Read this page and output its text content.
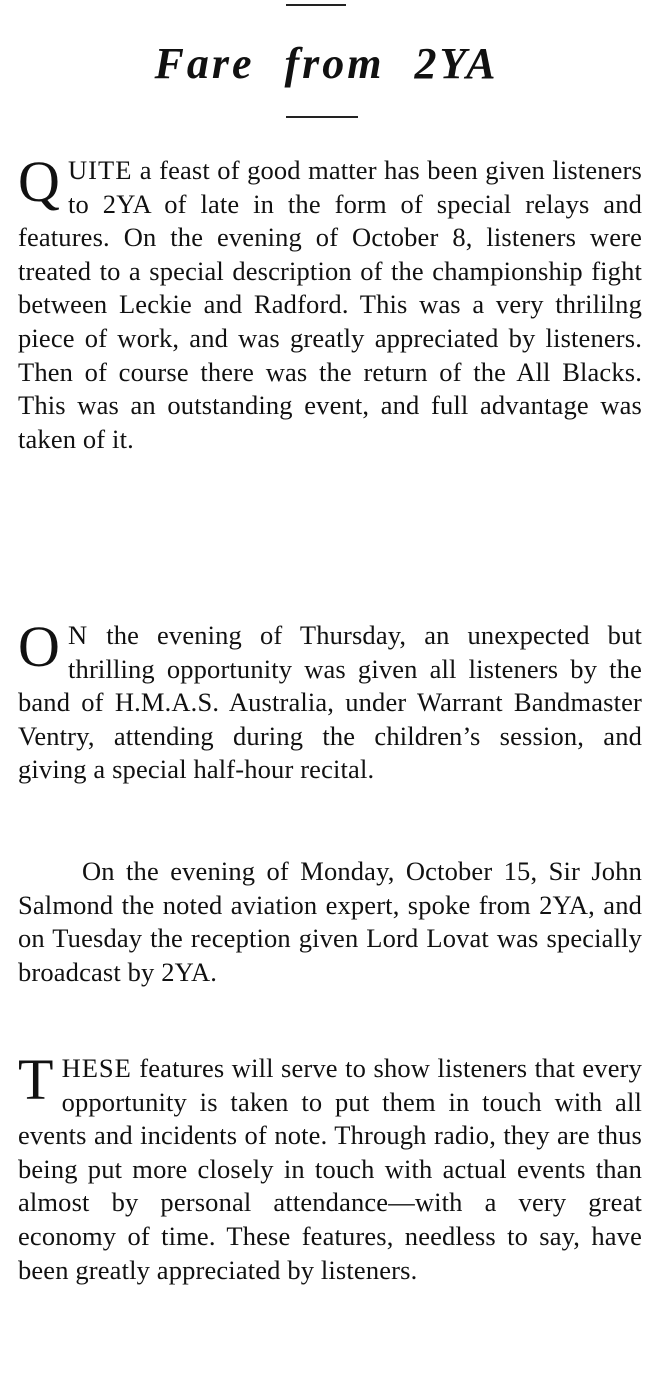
Fare from 2YA

QUITE a feast of good matter has been given listeners to 2YA of late in the form of special relays and features. On the evening of October 8, listeners were treated to a special description of the championship fight between Leckie and Radford. This was a very thrililng piece of work, and was greatly appreciated by listeners. Then of course there was the return of the All Blacks. This was an outstanding event, and full advantage was taken of it.

O N the evening of Thursday, an unexpected but thrilling opportunity was given all listeners by the band of H.M.A.S. Australia, under Warrant Bandmaster Ventry, attending during the children’s session, and giving a special half-hour recital.

On the evening of Monday, October 15, Sir John Salmond the noted aviation expert, spoke from 2YA, and on Tuesday the reception given Lord Lovat was specially broadcast by 2YA.

THESE features will serve to show listeners that every opportunity is taken to put them in touch with all events and incidents of note. Through radio, they are thus being put more closely in touch with actual events than almost by personal attendance—with a very great economy of time. These features, needless to say, have been greatly appreciated by listeners.
